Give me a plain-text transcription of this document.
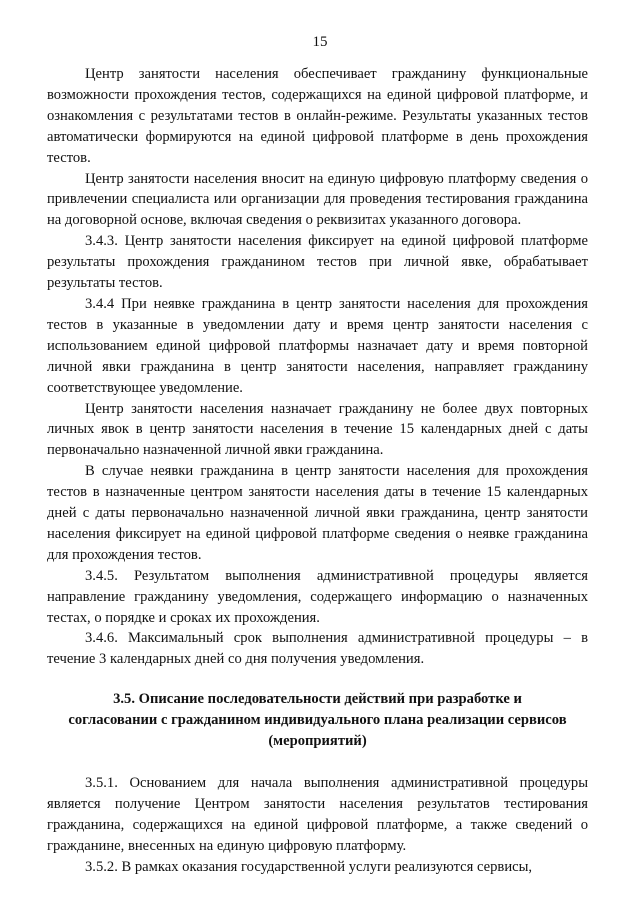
15

Центр занятости населения обеспечивает гражданину функциональные возможности прохождения тестов, содержащихся на единой цифровой платформе, и ознакомления с результатами тестов в онлайн-режиме. Результаты указанных тестов автоматически формируются на единой цифровой платформе в день прохождения тестов.

Центр занятости населения вносит на единую цифровую платформу сведения о привлечении специалиста или организации для проведения тестирования гражданина на договорной основе, включая сведения о реквизитах указанного договора.

3.4.3. Центр занятости населения фиксирует на единой цифровой платформе результаты прохождения гражданином тестов при личной явке, обрабатывает результаты тестов.

3.4.4 При неявке гражданина в центр занятости населения для прохождения тестов в указанные в уведомлении дату и время центр занятости населения с использованием единой цифровой платформы назначает дату и время повторной личной явки гражданина в центр занятости населения, направляет гражданину соответствующее уведомление.

Центр занятости населения назначает гражданину не более двух повторных личных явок в центр занятости населения в течение 15 календарных дней с даты первоначально назначенной личной явки гражданина.

В случае неявки гражданина в центр занятости населения для прохождения тестов в назначенные центром занятости населения даты в течение 15 календарных дней с даты первоначально назначенной личной явки гражданина, центр занятости населения фиксирует на единой цифровой платформе сведения о неявке гражданина для прохождения тестов.

3.4.5. Результатом выполнения административной процедуры является направление гражданину уведомления, содержащего информацию о назначенных тестах, о порядке и сроках их прохождения.

3.4.6. Максимальный срок выполнения административной процедуры – в течение 3 календарных дней со дня получения уведомления.

3.5. Описание последовательности действий при разработке и
согласовании с гражданином индивидуального плана реализации сервисов
(мероприятий)

3.5.1. Основанием для начала выполнения административной процедуры является получение Центром занятости населения результатов тестирования гражданина, содержащихся на единой цифровой платформе, а также сведений о гражданине, внесенных на единую цифровую платформу.

3.5.2. В рамках оказания государственной услуги реализуются сервисы,
